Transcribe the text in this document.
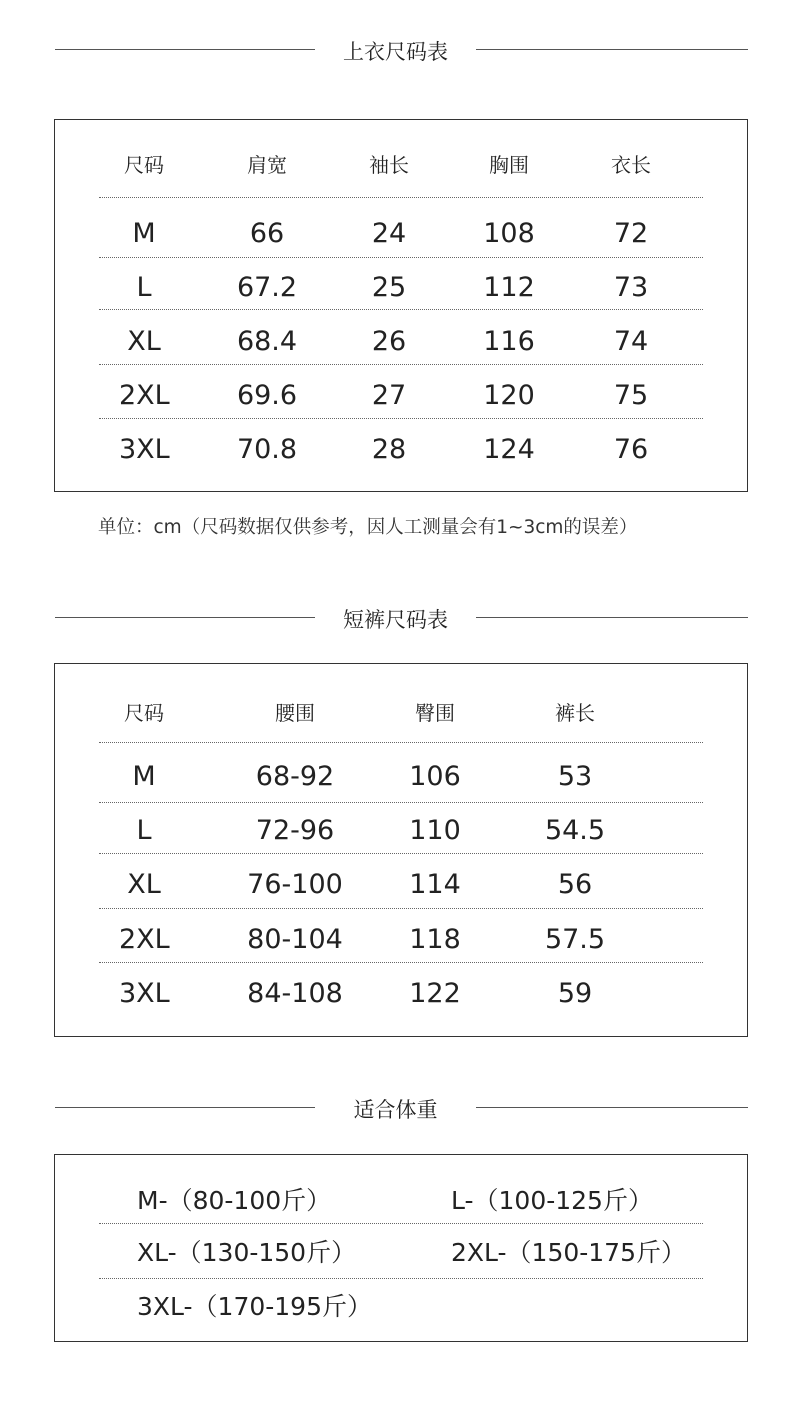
上衣尺码表
尺码	肩宽	袖长	胸围	衣长
M	66	24	108	72
L	67.2	25	112	73
XL	68.4	26	116	74
2XL	69.6	27	120	75
3XL	70.8	28	124	76
单位：cm（尺码数据仅供参考，因人工测量会有1~3cm的误差）
短裤尺码表
尺码	腰围	臀围	裤长
M	68-92	106	53
L	72-96	110	54.5
XL	76-100	114	56
2XL	80-104	118	57.5
3XL	84-108	122	59
适合体重
M-（80-100斤）	L-（100-125斤）
XL-（130-150斤）	2XL-（150-175斤）
3XL-（170-195斤）
